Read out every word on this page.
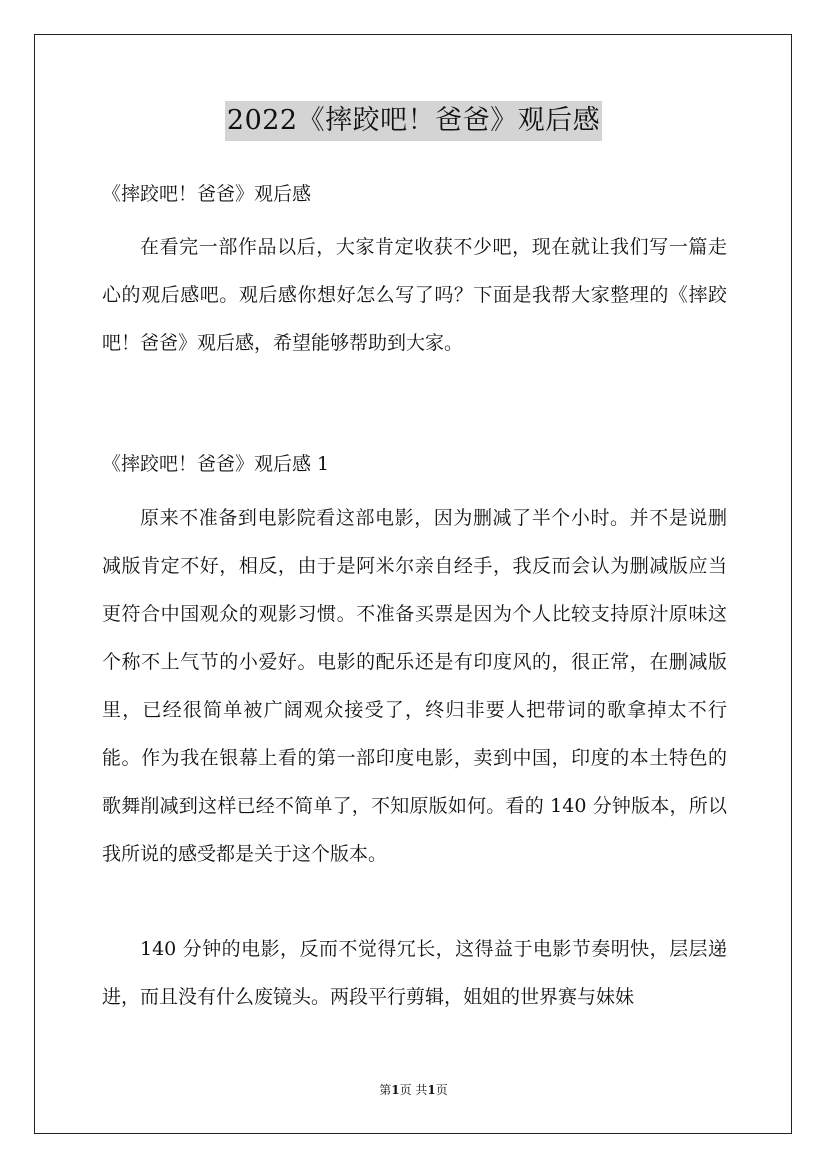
2022《摔跤吧！爸爸》观后感

《摔跤吧！爸爸》观后感

在看完一部作品以后，大家肯定收获不少吧，现在就让我们写一篇走心的观后感吧。观后感你想好怎么写了吗？下面是我帮大家整理的《摔跤吧！爸爸》观后感，希望能够帮助到大家。

《摔跤吧！爸爸》观后感 1

原来不准备到电影院看这部电影，因为删减了半个小时。并不是说删减版肯定不好，相反，由于是阿米尔亲自经手，我反而会认为删减版应当更符合中国观众的观影习惯。不准备买票是因为个人比较支持原汁原味这个称不上气节的小爱好。电影的配乐还是有印度风的，很正常，在删减版里，已经很简单被广阔观众接受了，终归非要人把带词的歌拿掉太不行能。作为我在银幕上看的第一部印度电影，卖到中国，印度的本土特色的歌舞削减到这样已经不简单了，不知原版如何。看的 140 分钟版本，所以我所说的感受都是关于这个版本。

140 分钟的电影，反而不觉得冗长，这得益于电影节奏明快，层层递进，而且没有什么废镜头。两段平行剪辑，姐姐的世界赛与妹妹

第1页 共1页
